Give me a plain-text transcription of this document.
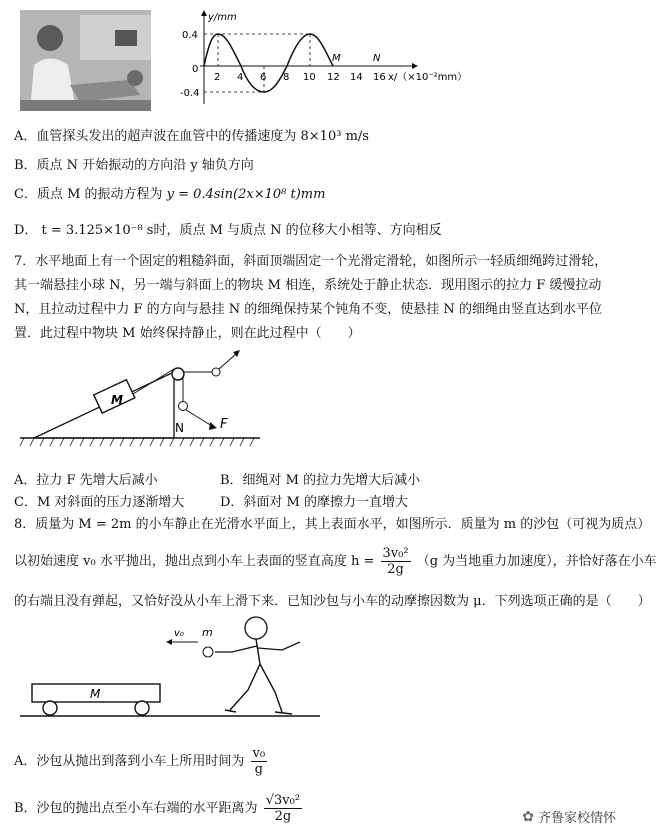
y/mm
0.4
-0.4
0
2 4 6 8 10 12 14 16
M	N
x/（×10⁻²mm）
A．血管探头发出的超声波在血管中的传播速度为 8×10³ m/s
B．质点 N 开始振动的方向沿 y 轴负方向
C．质点 M 的振动方程为 y = 0.4sin(2x×10⁸ t)mm
D． t = 3.125×10⁻⁸ s时，质点 M 与质点 N 的位移大小相等、方向相反
7．水平地面上有一个固定的粗糙斜面，斜面顶端固定一个光滑定滑轮，如图所示一轻质细绳跨过滑轮，其一端悬挂小球 N，另一端与斜面上的物块 M 相连，系统处于静止状态．现用图示的拉力 F 缓慢拉动 N，且拉动过程中力 F 的方向与悬挂 N 的细绳保持某个钝角不变，使悬挂 N 的细绳由竖直达到水平位置．此过程中物块 M 始终保持静止，则在此过程中（　　）
M
N	F
A．拉力 F 先增大后减小	B．细绳对 M 的拉力先增大后减小
C．M 对斜面的压力逐渐增大	D．斜面对 M 的摩擦力一直增大
8．质量为 M = 2m 的小车静止在光滑水平面上，其上表面水平，如图所示．质量为 m 的沙包（可视为质点）
以初始速度 v₀ 水平抛出，抛出点到小车上表面的竖直高度 $h = \frac{\text{3v₀²}}{2g} (g$ 为当地重力加速度），并恰好落在小车
的右端且没有弹起，又恰好没从小车上滑下来．已知沙包与小车的动摩擦因数为 μ．下列选项正确的是（　　）
M
v₀ m
A．沙包从抛出到落到小车上所用时间为 $\frac{\text{v₀}}{g}$
B．沙包的抛出点至小车右端的水平距离为 $\frac{\text{√3v₀²}}{2g}$	✿ 齐鲁家校情怀
